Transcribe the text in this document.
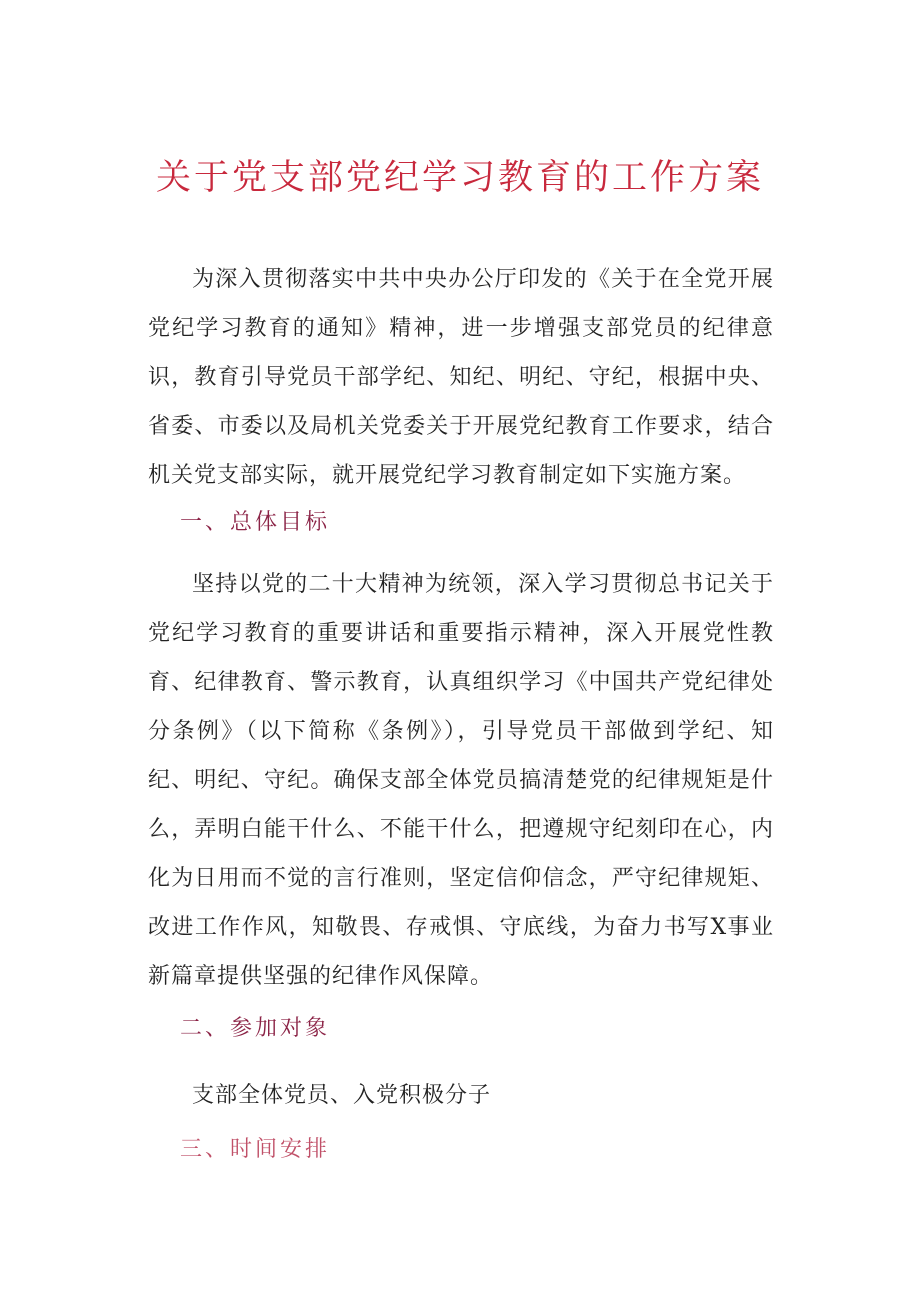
关于党支部党纪学习教育的工作方案

为深入贯彻落实中共中央办公厅印发的《关于在全党开展党纪学习教育的通知》精神，进一步增强支部党员的纪律意识，教育引导党员干部学纪、知纪、明纪、守纪，根据中央、省委、市委以及局机关党委关于开展党纪教育工作要求，结合机关党支部实际，就开展党纪学习教育制定如下实施方案。

一、总体目标

坚持以党的二十大精神为统领，深入学习贯彻总书记关于党纪学习教育的重要讲话和重要指示精神，深入开展党性教育、纪律教育、警示教育，认真组织学习《中国共产党纪律处分条例》（以下简称《条例》），引导党员干部做到学纪、知纪、明纪、守纪。确保支部全体党员搞清楚党的纪律规矩是什么，弄明白能干什么、不能干什么，把遵规守纪刻印在心，内化为日用而不觉的言行准则，坚定信仰信念，严守纪律规矩、改进工作作风，知敬畏、存戒惧、守底线，为奋力书写X事业新篇章提供坚强的纪律作风保障。

二、参加对象

支部全体党员、入党积极分子

三、时间安排
